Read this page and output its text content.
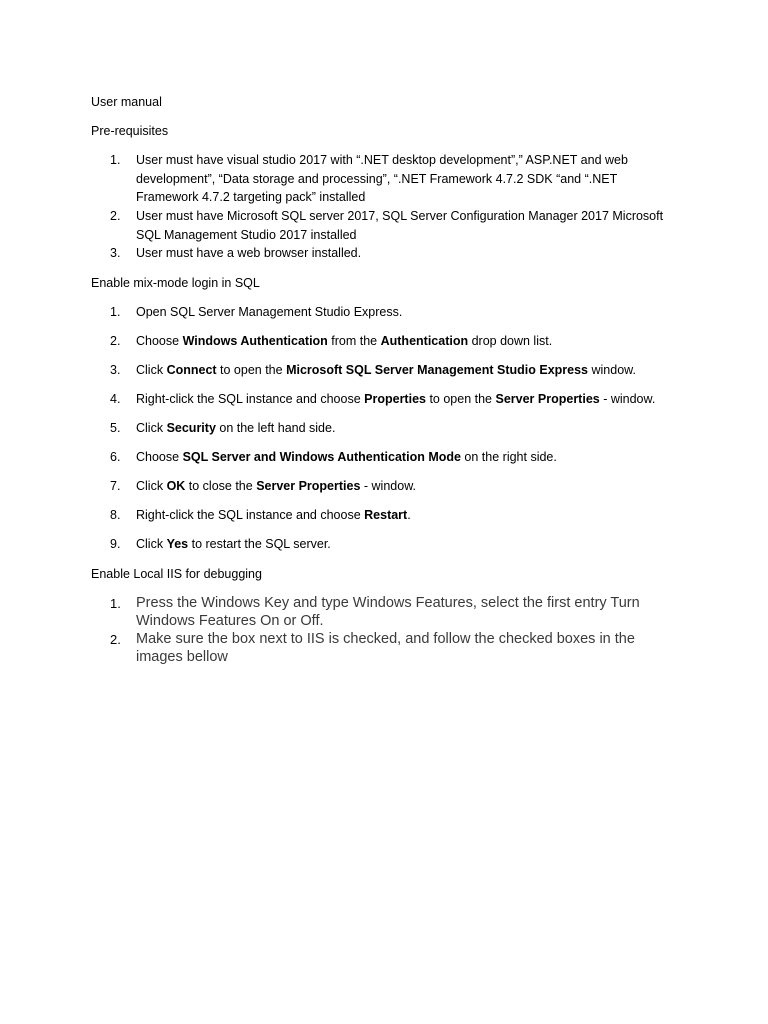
User manual
Pre-requisites
1.	User must have visual studio 2017 with “.NET desktop development”,” ASP.NET and web
development”, “Data storage and processing”, “.NET Framework 4.7.2 SDK “and “.NET
Framework 4.7.2 targeting pack” installed
2.	User must have Microsoft SQL server 2017, SQL Server Configuration Manager 2017 Microsoft
SQL Management Studio 2017 installed
3.	User must have a web browser installed.
Enable mix-mode login in SQL
1.	Open SQL Server Management Studio Express.
2.	Choose Windows Authentication from the Authentication drop down list.
3.	Click Connect to open the Microsoft SQL Server Management Studio Express window.
4.	Right-click the SQL instance and choose Properties to open the Server Properties - window.
5.	Click Security on the left hand side.
6.	Choose SQL Server and Windows Authentication Mode on the right side.
7.	Click OK to close the Server Properties - window.
8.	Right-click the SQL instance and choose Restart.
9.	Click Yes to restart the SQL server.
Enable Local IIS for debugging
1.	Press the Windows Key and type Windows Features, select the first entry Turn
Windows Features On or Off.
2.	Make sure the box next to IIS is checked, and follow the checked boxes in the
images bellow
